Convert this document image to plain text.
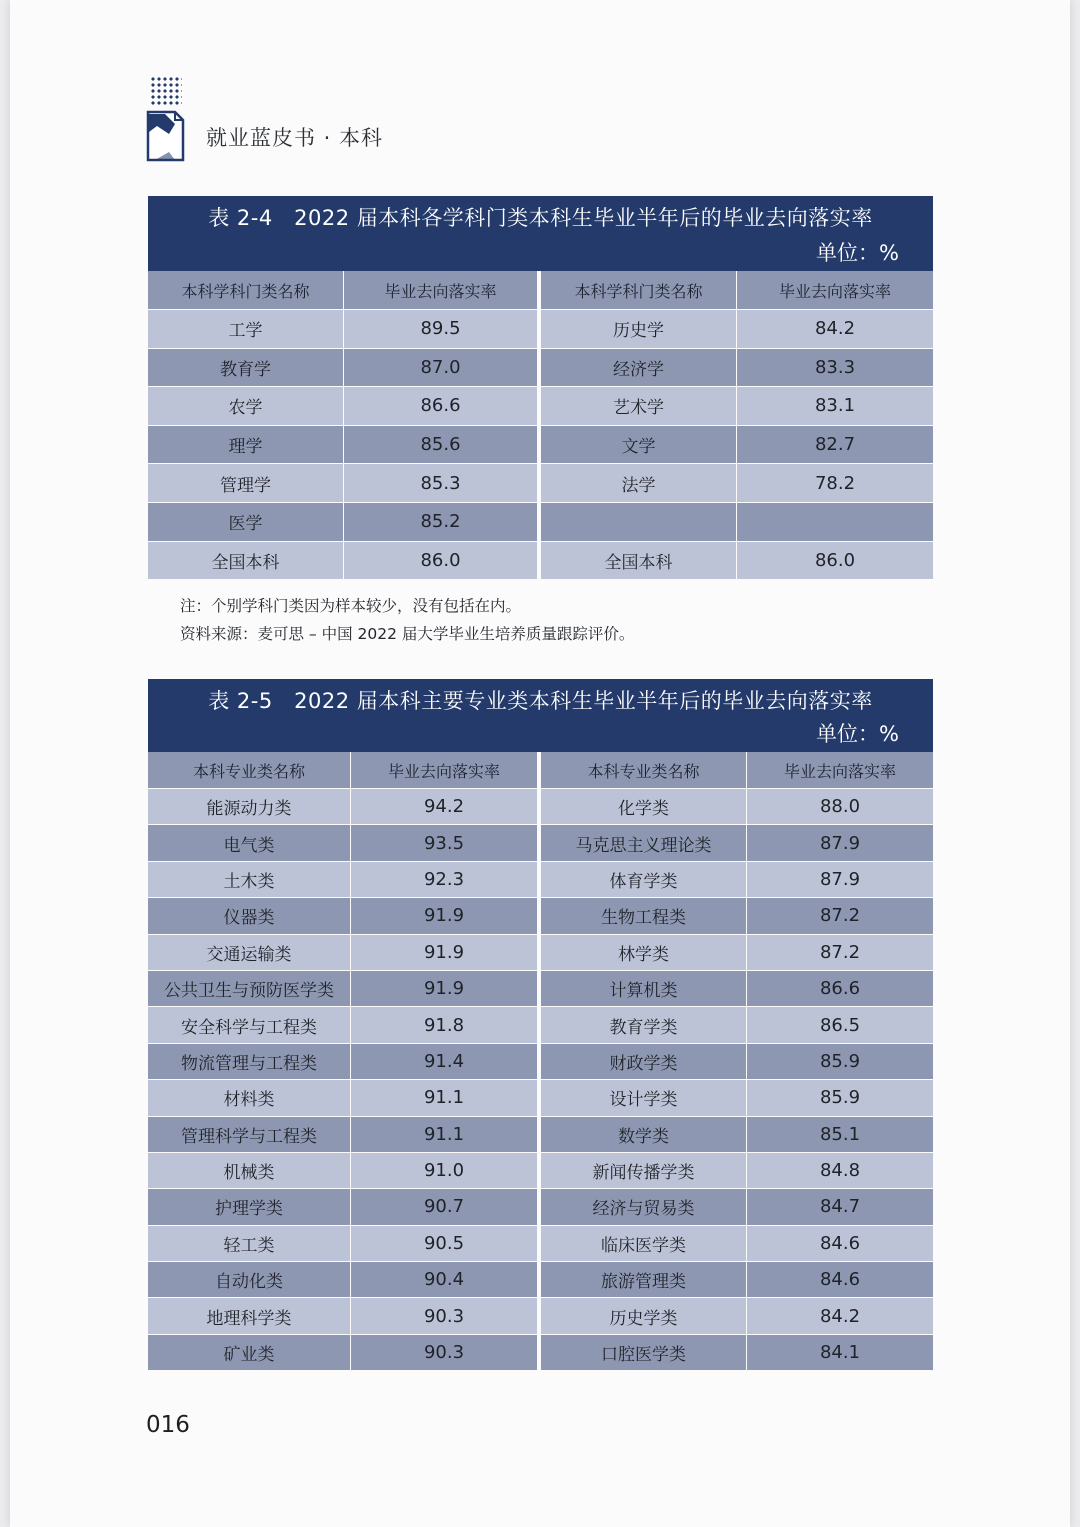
就业蓝皮书 · 本科
表 2-4　2022 届本科各学科门类本科生毕业半年后的毕业去向落实率
单位：%
本科学科门类名称	毕业去向落实率	本科学科门类名称	毕业去向落实率
工学	89.5	历史学	84.2
教育学	87.0	经济学	83.3
农学	86.6	艺术学	83.1
理学	85.6	文学	82.7
管理学	85.3	法学	78.2
医学	85.2
全国本科	86.0	全国本科	86.0
注：个别学科门类因为样本较少，没有包括在内。
资料来源：麦可思 – 中国 2022 届大学毕业生培养质量跟踪评价。
表 2-5　2022 届本科主要专业类本科生毕业半年后的毕业去向落实率
单位：%
本科专业类名称	毕业去向落实率	本科专业类名称	毕业去向落实率
能源动力类	94.2	化学类	88.0
电气类	93.5	马克思主义理论类	87.9
土木类	92.3	体育学类	87.9
仪器类	91.9	生物工程类	87.2
交通运输类	91.9	林学类	87.2
公共卫生与预防医学类	91.9	计算机类	86.6
安全科学与工程类	91.8	教育学类	86.5
物流管理与工程类	91.4	财政学类	85.9
材料类	91.1	设计学类	85.9
管理科学与工程类	91.1	数学类	85.1
机械类	91.0	新闻传播学类	84.8
护理学类	90.7	经济与贸易类	84.7
轻工类	90.5	临床医学类	84.6
自动化类	90.4	旅游管理类	84.6
地理科学类	90.3	历史学类	84.2
矿业类	90.3	口腔医学类	84.1
016
